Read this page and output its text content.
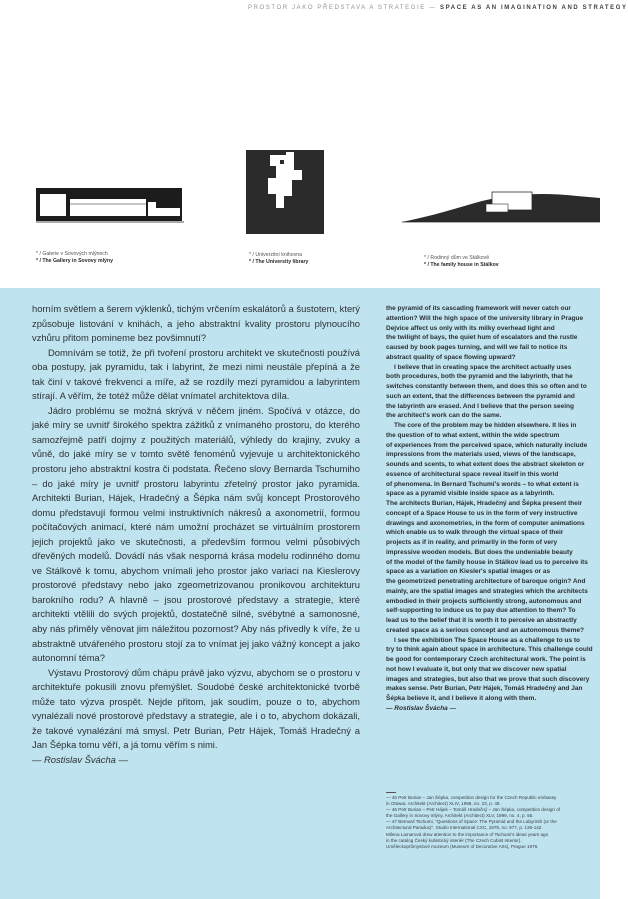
PROSTOR JAKO PŘEDSTAVA A STRATEGIE — SPACE AS AN IMAGINATION AND STRATEGY
* / Galerie v Sovových mlýnech
* / The Gallery in Sovovy mlýny
* / Univerzitní knihovna
* / The University library
* / Rodinný dům ve Stálkově
* / The family house in Stálkov

horním světlem a šerem výklenků, tichým vrčením eskalátorů a šustotem, který způsobuje listování v knihách, a jeho abstraktní kvality prostoru plynoucího vzhůru přitom pomineme bez povšimnutí?

Domnívám se totiž, že při tvoření prostoru architekt ve skutečnosti používá oba postupy, jak pyramidu, tak i labyrint, že mezi nimi neustále přepíná a že tak činí v takové frekvenci a míře, až se rozdíly mezi pyramidou a labyrintem stírají. A věřím, že totéž může dělat vnímatel architektova díla.

Jádro problému se možná skrývá v něčem jiném. Spočívá v otázce, do jaké míry se uvnitř širokého spektra zážitků z vnímaného prostoru, do kterého samozřejmě patří dojmy z použitých materiálů, výhledy do krajiny, zvuky a vůně, do jaké míry se v tomto světě fenoménů vyjevuje u architektonického prostoru jeho abstraktní kostra či podstata. Řečeno slovy Bernarda Tschumiho – do jaké míry je uvnitř prostoru labyrintu zřetelný prostor jako pyramida. Architekti Burian, Hájek, Hradečný a Šépka nám svůj koncept Prostorového domu představují formou velmi instruktivních nákresů a axonometrií, formou počítačových animací, které nám umožní procházet se virtuálním prostorem jejich projektů jako ve skutečnosti, a především formou velmi působivých dřevěných modelů. Dovádí nás však nesporná krása modelu rodinného domu ve Stálkově k tomu, abychom vnímali jeho prostor jako variaci na Kieslerovy prostorové představy nebo jako zgeometrizovanou pronikovou architekturu barokního rodu? A hlavně – jsou prostorové představy a strategie, které architekti vtělili do svých projektů, dostatečně silné, svébytné a samonosné, aby nás přiměly věnovat jim náležitou pozornost? Aby nás přivedly k víře, že u abstraktně utvářeného prostoru stojí za to vnímat jej jako vážný koncept a jako autonomní téma?

Výstavu Prostorový dům chápu právě jako výzvu, abychom se o prostoru v architektuře pokusili znovu přemýšlet. Soudobé české architektonické tvorbě může tato výzva prospět. Nejde přitom, jak soudím, pouze o to, abychom vynalézali nové prostorové představy a strategie, ale i o to, abychom dokázali, že takové vynalézání má smysl. Petr Burian, Petr Hájek, Tomáš Hradečný a Jan Šépka tomu věří, a já tomu věřím s nimi.

— Rostislav Švácha —

the pyramid of its cascading framework will never catch our

attention? Will the high space of the university library in Prague

Dejvice affect us only with its milky overhead light and

the twilight of bays, the quiet hum of escalators and the rustle

caused by book pages turning, and will we fail to notice its

abstract quality of space flowing upward?

I believe that in creating space the architect actually uses

both procedures, both the pyramid and the labyrinth, that he

switches constantly between them, and does this so often and to

such an extent, that the differences between the pyramid and

the labyrinth are erased. And I believe that the person seeing

the architect's work can do the same.

The core of the problem may be hidden elsewhere. It lies in

the question of to what extent, within the wide spectrum

of experiences from the perceived space, which naturally include

impressions from the materials used, views of the landscape,

sounds and scents, to what extent does the abstract skeleton or

essence of architectural space reveal itself in this world

of phenomena. In Bernard Tschumi's words – to what extent is

space as a pyramid visible inside space as a labyrinth.

The architects Burian, Hájek, Hradečný and Šépka present their

concept of a Space House to us in the form of very instructive

drawings and axonometries, in the form of computer animations

which enable us to walk through the virtual space of their

projects as if in reality, and primarily in the form of very

impressive wooden models. But does the undeniable beauty

of the model of the family house in Stálkov lead us to perceive its

space as a variation on Kiesler's spatial images or as

the geometrized penetrating architecture of baroque origin? And

mainly, are the spatial images and strategies which the architects

embodied in their projects sufficiently strong, autonomous and

self-supporting to induce us to pay due attention to them? To

lead us to the belief that it is worth it to perceive an abstractly

created space as a serious concept and an autonomous theme?

I see the exhibition The Space House as a challenge to us to

try to think again about space in architecture. This challenge could

be good for contemporary Czech architectural work. The point is

not how I evaluate it, but only that we discover new spatial

images and strategies, but also that we prove that such discovery

makes sense. Petr Burian, Petr Hájek, Tomáš Hradečný and Jan

Šépka believe it, and I believe it along with them.

— Rostislav Švácha —

— 45 Petr Burian – Jan Šépka, competition design for the Czech Republic embassy

in Ottawa. Architekt (Architect) XLIV, 1998, no. 23, p. 48.

— 46 Petr Burian – Petr Hájek – Tomáš Hradečný – Jan Šépka, competition design of

the Gallery in Sovovy mlýny. Architekt (Architect) XLV, 1999, no. 4, p. 55.

— 47 Bernard Tschumi, "Questions of Space: The Pyramid and the Labyrinth (or the

Architectural Paradox)". Studio International CXC, 1975, no. 977, p. 136-142.

Milena Lamarová drew attention to the importance of Tschumi's ideas years ago

in the catalog Český kubistický interiér (The Czech Cubist Interior).

Uměleckoprůmyslové muzeum (Museum of Decorative Arts), Prague 1976.
